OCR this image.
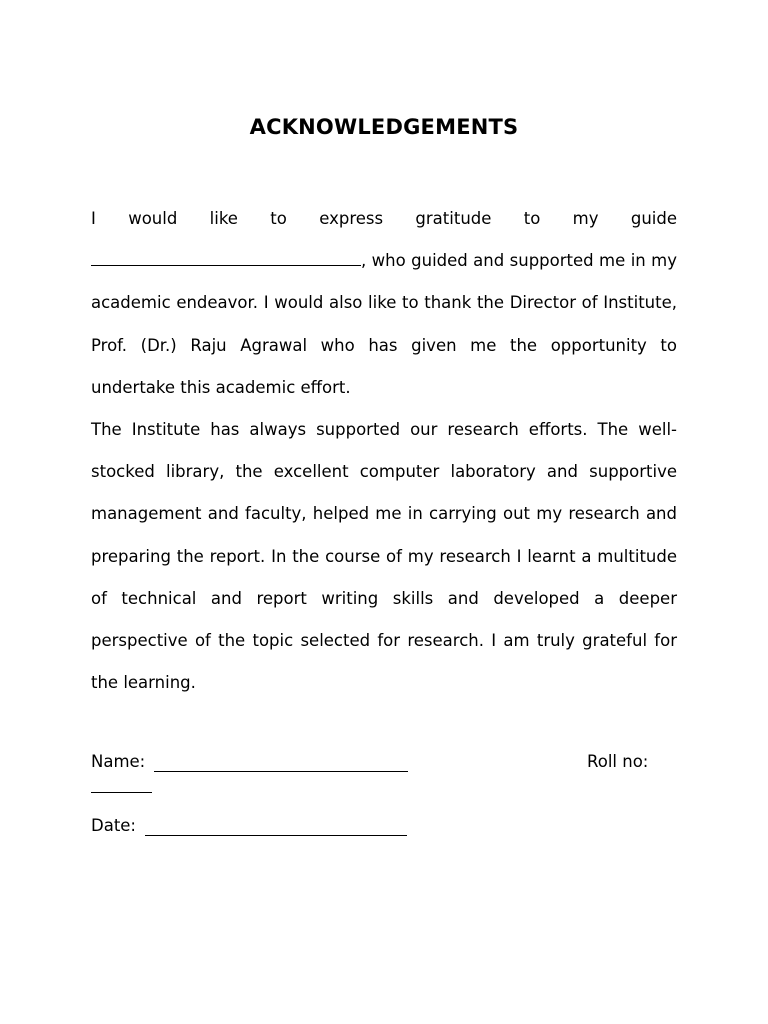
ACKNOWLEDGEMENTS

I would like to express gratitude to my guide , who guided and supported me in my academic endeavor. I would also like to thank the Director of Institute, Prof. (Dr.) Raju Agrawal who has given me the opportunity to undertake this academic effort.

The Institute has always supported our research efforts. The well-stocked library, the excellent computer laboratory and supportive management and faculty, helped me in carrying out my research and preparing the report. In the course of my research I learnt a multitude of technical and report writing skills and developed a deeper perspective of the topic selected for research. I am truly grateful for the learning.

Name:	Roll no:
Date:
